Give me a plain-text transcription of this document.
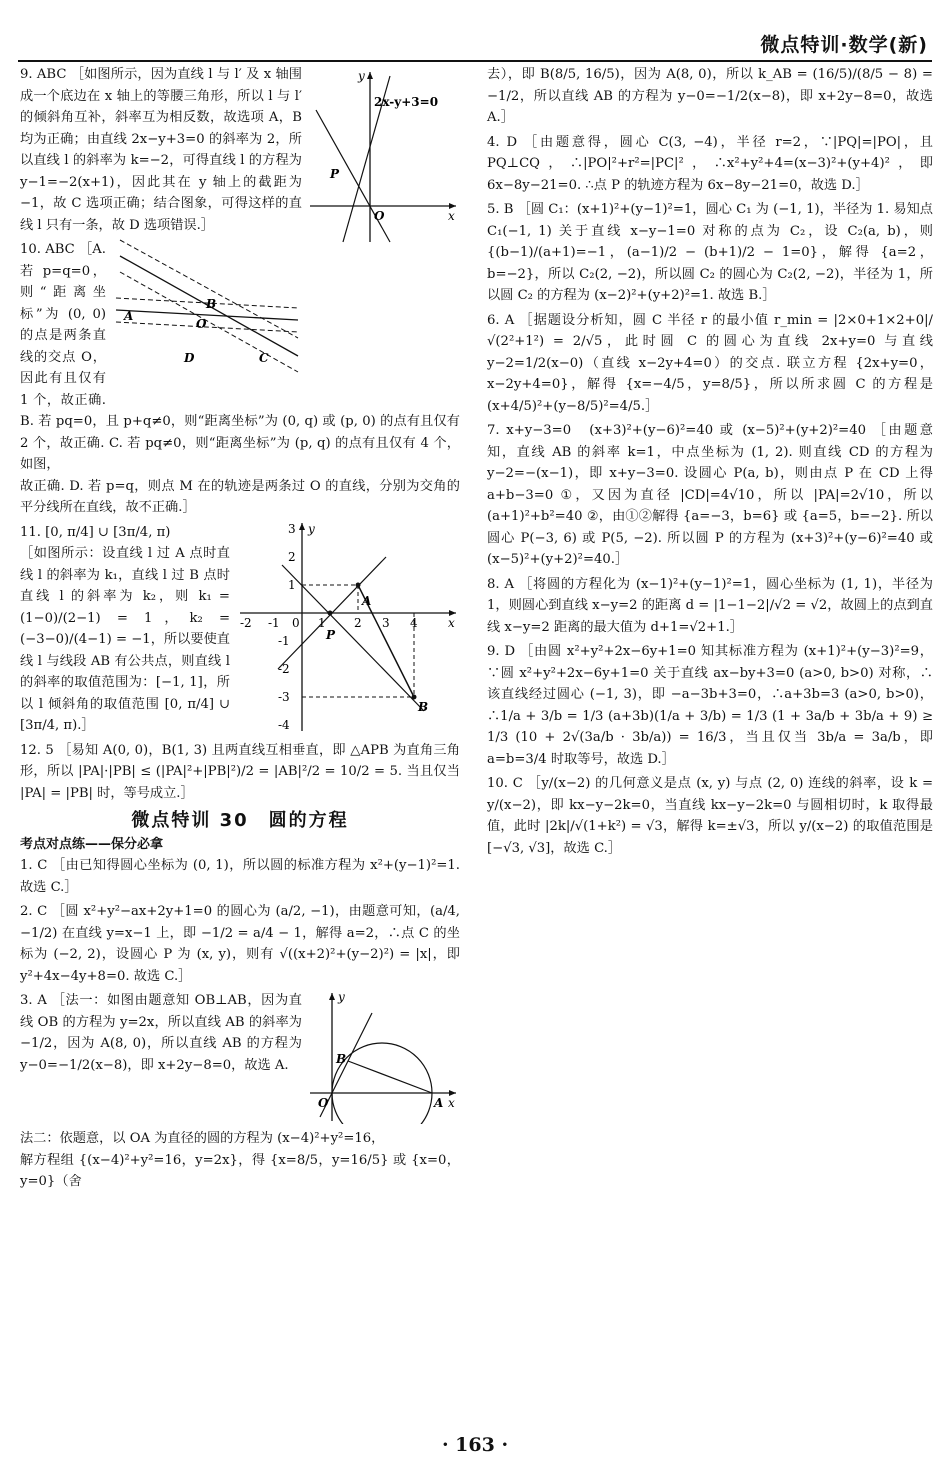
微点特训·数学(新)
2x-y+3=0
x
y
P
O

9. ABC ［如图所示，因为直线 l 与 l′ 及 x 轴围成一个底边在 x 轴上的等腰三角形，所以 l 与 l′ 的倾斜角互补，斜率互为相反数，故选项 A，B 均为正确；由直线 2x−y+3=0 的斜率为 2，所以直线 l 的斜率为 k=−2，可得直线 l 的方程为 y−1=−2(x+1)，因此其在 y 轴上的截距为 −1，故 C 选项正确；结合图象，可得这样的直线 l 只有一条，故 D 选项错误.］

B
A
O
D	C

10. ABC ［A. 若 p=q=0，则“距离坐标”为 (0, 0) 的点是两条直线的交点 O，因此有且仅有 1 个，故正确. B. 若 pq=0，且 p+q≠0，则“距离坐标”为 (0, q) 或 (p, 0) 的点有且仅有 2 个，故正确. C. 若 pq≠0，则“距离坐标”为 (p, q) 的点有且仅有 4 个，如图，

故正确. D. 若 p=q，则点 M 在的轨迹是两条过 O 的直线，分别为交角的平分线所在直线，故不正确.］

-2 -1 0 1 2 3 4
3
2
1
-1
-2
-3
-4
P
A
B
x
y

11. [0, π/4] ∪ [3π/4, π)

［如图所示：设直线 l 过 A 点时直线 l 的斜率为 k₁，直线 l 过 B 点时直线 l 的斜率为 k₂，则 k₁ = (1−0)/(2−1) = 1，k₂ = (−3−0)/(4−1) = −1，所以要使直线 l 与线段 AB 有公共点，则直线 l 的斜率的取值范围为：[−1, 1]，所以 l 倾斜角的取值范围 [0, π/4] ∪ [3π/4, π).］

12. 5 ［易知 A(0, 0)，B(1, 3) 且两直线互相垂直，即 △APB 为直角三角形，所以 |PA|·|PB| ≤ (|PA|²+|PB|²)/2 = |AB|²/2 = 10/2 = 5. 当且仅当 |PA| = |PB| 时，等号成立.］

微点特训 30　圆的方程
考点对点练——保分必拿

1. C ［由已知得圆心坐标为 (0, 1)，所以圆的标准方程为 x²+(y−1)²=1. 故选 C.］

2. C ［圆 x²+y²−ax+2y+1=0 的圆心为 (a/2, −1)，由题意可知，(a/4, −1/2) 在直线 y=x−1 上，即 −1/2 = a/4 − 1，解得 a=2，∴点 C 的坐标为 (−2, 2)，设圆心 P 为 (x, y)，则有 √((x+2)²+(y−2)²) = |x|，即 y²+4x−4y+8=0. 故选 C.］

B
O	A x
y

3. A ［法一：如图由题意知 OB⊥AB，因为直线 OB 的方程为 y=2x，所以直线 AB 的斜率为 −1/2，因为 A(8, 0)，所以直线 AB 的方程为 y−0=−1/2(x−8)，即 x+2y−8=0，故选 A.

法二：依题意，以 OA 为直径的圆的方程为 (x−4)²+y²=16，

解方程组 {(x−4)²+y²=16，y=2x}，得 {x=8/5，y=16/5} 或 {x=0，y=0}（舍

去），即 B(8/5, 16/5)，因为 A(8, 0)，所以 k_AB = (16/5)/(8/5 − 8) = −1/2，所以直线 AB 的方程为 y−0=−1/2(x−8)，即 x+2y−8=0，故选 A.］

4. D ［由题意得，圆心 C(3, −4)，半径 r=2，∵|PQ|=|PO|，且 PQ⊥CQ，∴|PO|²+r²=|PC|²，∴x²+y²+4=(x−3)²+(y+4)²，即 6x−8y−21=0. ∴点 P 的轨迹方程为 6x−8y−21=0，故选 D.］

5. B ［圆 C₁：(x+1)²+(y−1)²=1，圆心 C₁ 为 (−1, 1)，半径为 1. 易知点 C₁(−1, 1) 关于直线 x−y−1=0 对称的点为 C₂，设 C₂(a, b)，则 {(b−1)/(a+1)=−1，(a−1)/2 − (b+1)/2 − 1=0}，解得 {a=2，b=−2}，所以 C₂(2, −2)，所以圆 C₂ 的圆心为 C₂(2, −2)，半径为 1，所以圆 C₂ 的方程为 (x−2)²+(y+2)²=1. 故选 B.］

6. A ［据题设分析知，圆 C 半径 r 的最小值 r_min = |2×0+1×2+0|/√(2²+1²) = 2/√5，此时圆 C 的圆心为直线 2x+y=0 与直线 y−2=1/2(x−0)（直线 x−2y+4=0）的交点. 联立方程 {2x+y=0，x−2y+4=0}，解得 {x=−4/5，y=8/5}，所以所求圆 C 的方程是 (x+4/5)²+(y−8/5)²=4/5.］

7. x+y−3=0　(x+3)²+(y−6)²=40 或 (x−5)²+(y+2)²=40 ［由题意知，直线 AB 的斜率 k=1，中点坐标为 (1, 2). 则直线 CD 的方程为 y−2=−(x−1)，即 x+y−3=0. 设圆心 P(a, b)，则由点 P 在 CD 上得 a+b−3=0 ①，又因为直径 |CD|=4√10，所以 |PA|=2√10，所以 (a+1)²+b²=40 ②，由①②解得 {a=−3，b=6} 或 {a=5，b=−2}. 所以圆心 P(−3, 6) 或 P(5, −2). 所以圆 P 的方程为 (x+3)²+(y−6)²=40 或 (x−5)²+(y+2)²=40.］

8. A ［将圆的方程化为 (x−1)²+(y−1)²=1，圆心坐标为 (1, 1)，半径为 1，则圆心到直线 x−y=2 的距离 d = |1−1−2|/√2 = √2，故圆上的点到直线 x−y=2 距离的最大值为 d+1=√2+1.］

9. D ［由圆 x²+y²+2x−6y+1=0 知其标准方程为 (x+1)²+(y−3)²=9，∵圆 x²+y²+2x−6y+1=0 关于直线 ax−by+3=0 (a>0, b>0) 对称，∴该直线经过圆心 (−1, 3)，即 −a−3b+3=0，∴a+3b=3 (a>0, b>0)，∴1/a + 3/b = 1/3 (a+3b)(1/a + 3/b) = 1/3 (1 + 3a/b + 3b/a + 9) ≥ 1/3 (10 + 2√(3a/b · 3b/a)) = 16/3，当且仅当 3b/a = 3a/b，即 a=b=3/4 时取等号，故选 D.］

10. C ［y/(x−2) 的几何意义是点 (x, y) 与点 (2, 0) 连线的斜率，设 k = y/(x−2)，即 kx−y−2k=0，当直线 kx−y−2k=0 与圆相切时，k 取得最值，此时 |2k|/√(1+k²) = √3，解得 k=±√3，所以 y/(x−2) 的取值范围是 [−√3, √3]，故选 C.］

· 163 ·
